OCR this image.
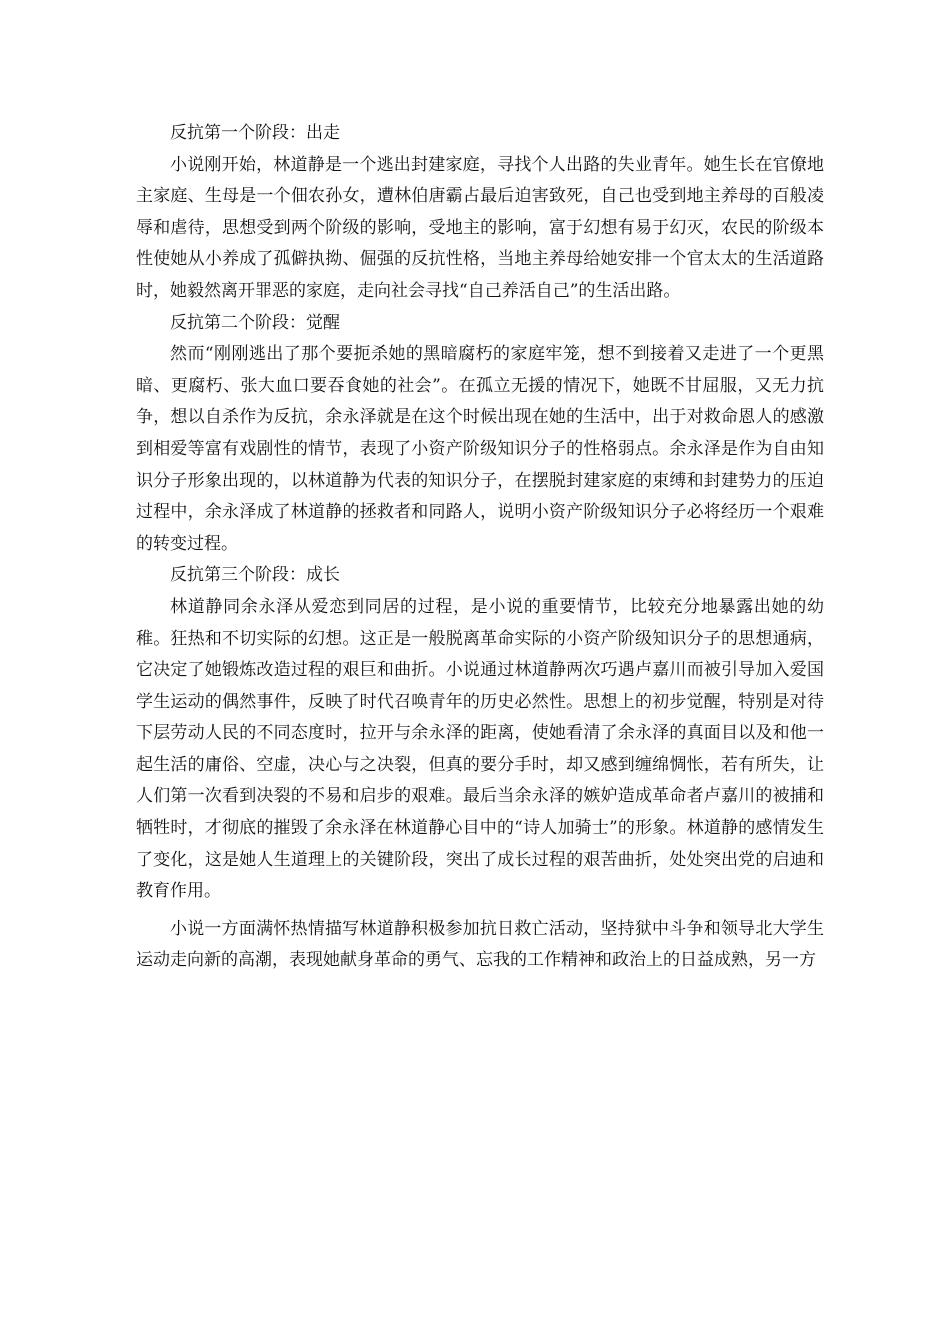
反抗第一个阶段：出走

小说刚开始，林道静是一个逃出封建家庭，寻找个人出路的失业青年。她生长在官僚地主家庭、生母是一个佃农孙女，遭林伯唐霸占最后迫害致死，自己也受到地主养母的百般凌辱和虐待，思想受到两个阶级的影响，受地主的影响，富于幻想有易于幻灭，农民的阶级本性使她从小养成了孤僻执拗、倔强的反抗性格，当地主养母给她安排一个官太太的生活道路时，她毅然离开罪恶的家庭，走向社会寻找“自己养活自己”的生活出路。

反抗第二个阶段：觉醒

然而“刚刚逃出了那个要扼杀她的黑暗腐朽的家庭牢笼，想不到接着又走进了一个更黑暗、更腐朽、张大血口要吞食她的社会”。在孤立无援的情况下，她既不甘屈服，又无力抗争，想以自杀作为反抗，余永泽就是在这个时候出现在她的生活中，出于对救命恩人的感激到相爱等富有戏剧性的情节，表现了小资产阶级知识分子的性格弱点。余永泽是作为自由知识分子形象出现的，以林道静为代表的知识分子，在摆脱封建家庭的束缚和封建势力的压迫过程中，余永泽成了林道静的拯救者和同路人，说明小资产阶级知识分子必将经历一个艰难的转变过程。

反抗第三个阶段：成长

林道静同余永泽从爱恋到同居的过程，是小说的重要情节，比较充分地暴露出她的幼稚。狂热和不切实际的幻想。这正是一般脱离革命实际的小资产阶级知识分子的思想通病，它决定了她锻炼改造过程的艰巨和曲折。小说通过林道静两次巧遇卢嘉川而被引导加入爱国学生运动的偶然事件，反映了时代召唤青年的历史必然性。思想上的初步觉醒，特别是对待下层劳动人民的不同态度时，拉开与余永泽的距离，使她看清了余永泽的真面目以及和他一起生活的庸俗、空虚，决心与之决裂，但真的要分手时，却又感到缠绵惆怅，若有所失，让人们第一次看到决裂的不易和启步的艰难。最后当余永泽的嫉妒造成革命者卢嘉川的被捕和牺牲时，才彻底的摧毁了余永泽在林道静心目中的“诗人加骑士”的形象。林道静的感情发生了变化，这是她人生道理上的关键阶段，突出了成长过程的艰苦曲折，处处突出党的启迪和教育作用。

小说一方面满怀热情描写林道静积极参加抗日救亡活动，坚持狱中斗争和领导北大学生运动走向新的高潮，表现她献身革命的勇气、忘我的工作精神和政治上的日益成熟，另一方
